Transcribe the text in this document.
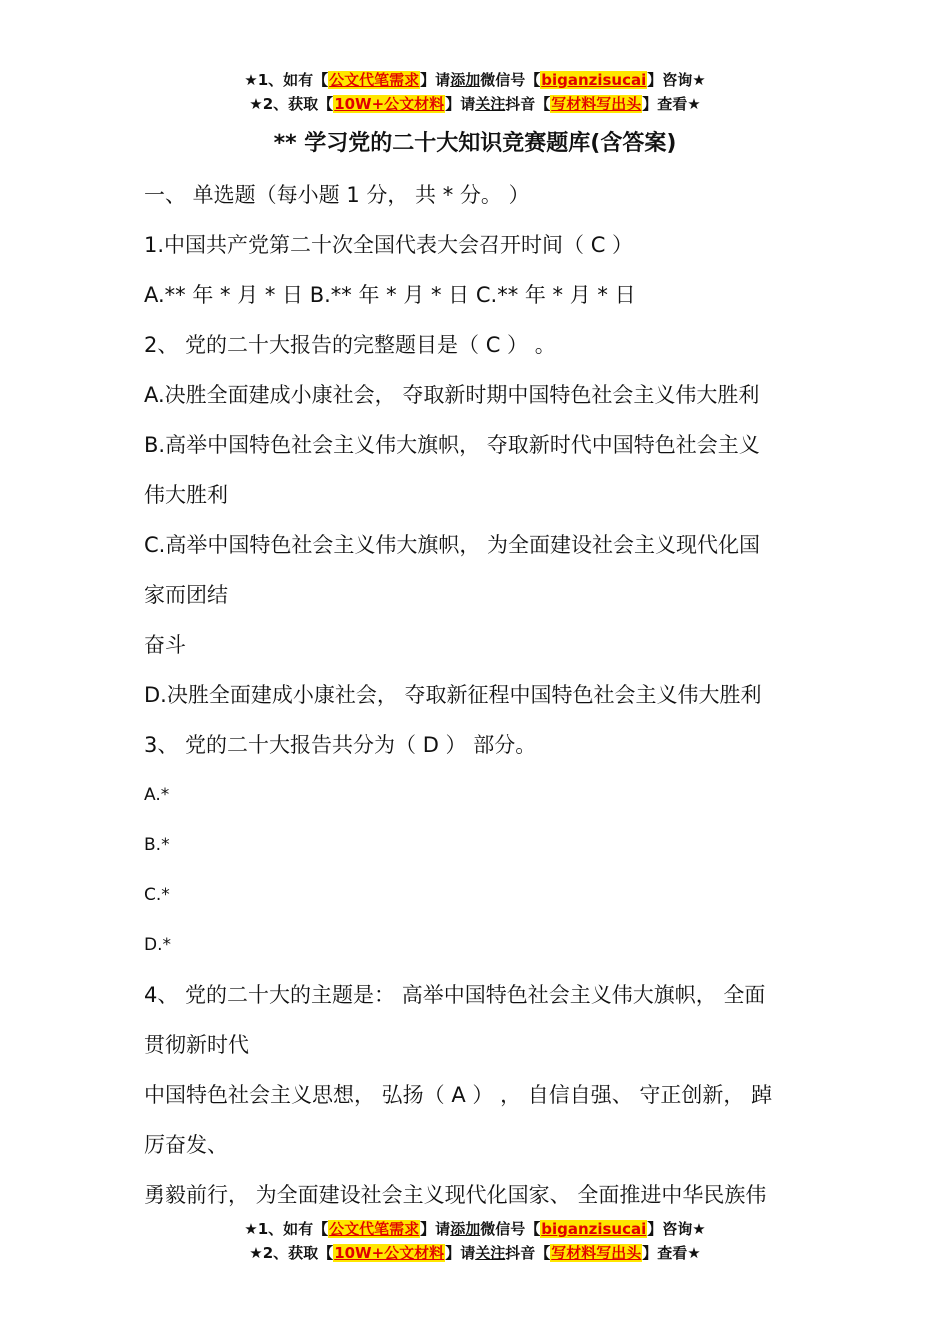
★1、如有【公文代笔需求】请添加微信号【biganzisucai】咨询★
★2、获取【10W+公文材料】请关注抖音【写材料写出头】查看★
** 学习党的二十大知识竞赛题库(含答案)
一、 单选题（每小题 1 分， 共 * 分。 ）
1.中国共产党第二十次全国代表大会召开时间（ C ）
A.** 年 * 月 * 日 B.** 年 * 月 * 日 C.** 年 * 月 * 日
2、 党的二十大报告的完整题目是（ C ） 。
A.决胜全面建成小康社会， 夺取新时期中国特色社会主义伟大胜利
B.高举中国特色社会主义伟大旗帜， 夺取新时代中国特色社会主义
伟大胜利
C.高举中国特色社会主义伟大旗帜， 为全面建设社会主义现代化国
家而团结
奋斗
D.决胜全面建成小康社会， 夺取新征程中国特色社会主义伟大胜利
3、 党的二十大报告共分为（ D ） 部分。
A.*
B.*
C.*
D.*
4、 党的二十大的主题是： 高举中国特色社会主义伟大旗帜， 全面
贯彻新时代
中国特色社会主义思想， 弘扬（ A ） ， 自信自强、 守正创新， 踔
厉奋发、
勇毅前行， 为全面建设社会主义现代化国家、 全面推进中华民族伟
★1、如有【公文代笔需求】请添加微信号【biganzisucai】咨询★
★2、获取【10W+公文材料】请关注抖音【写材料写出头】查看★
